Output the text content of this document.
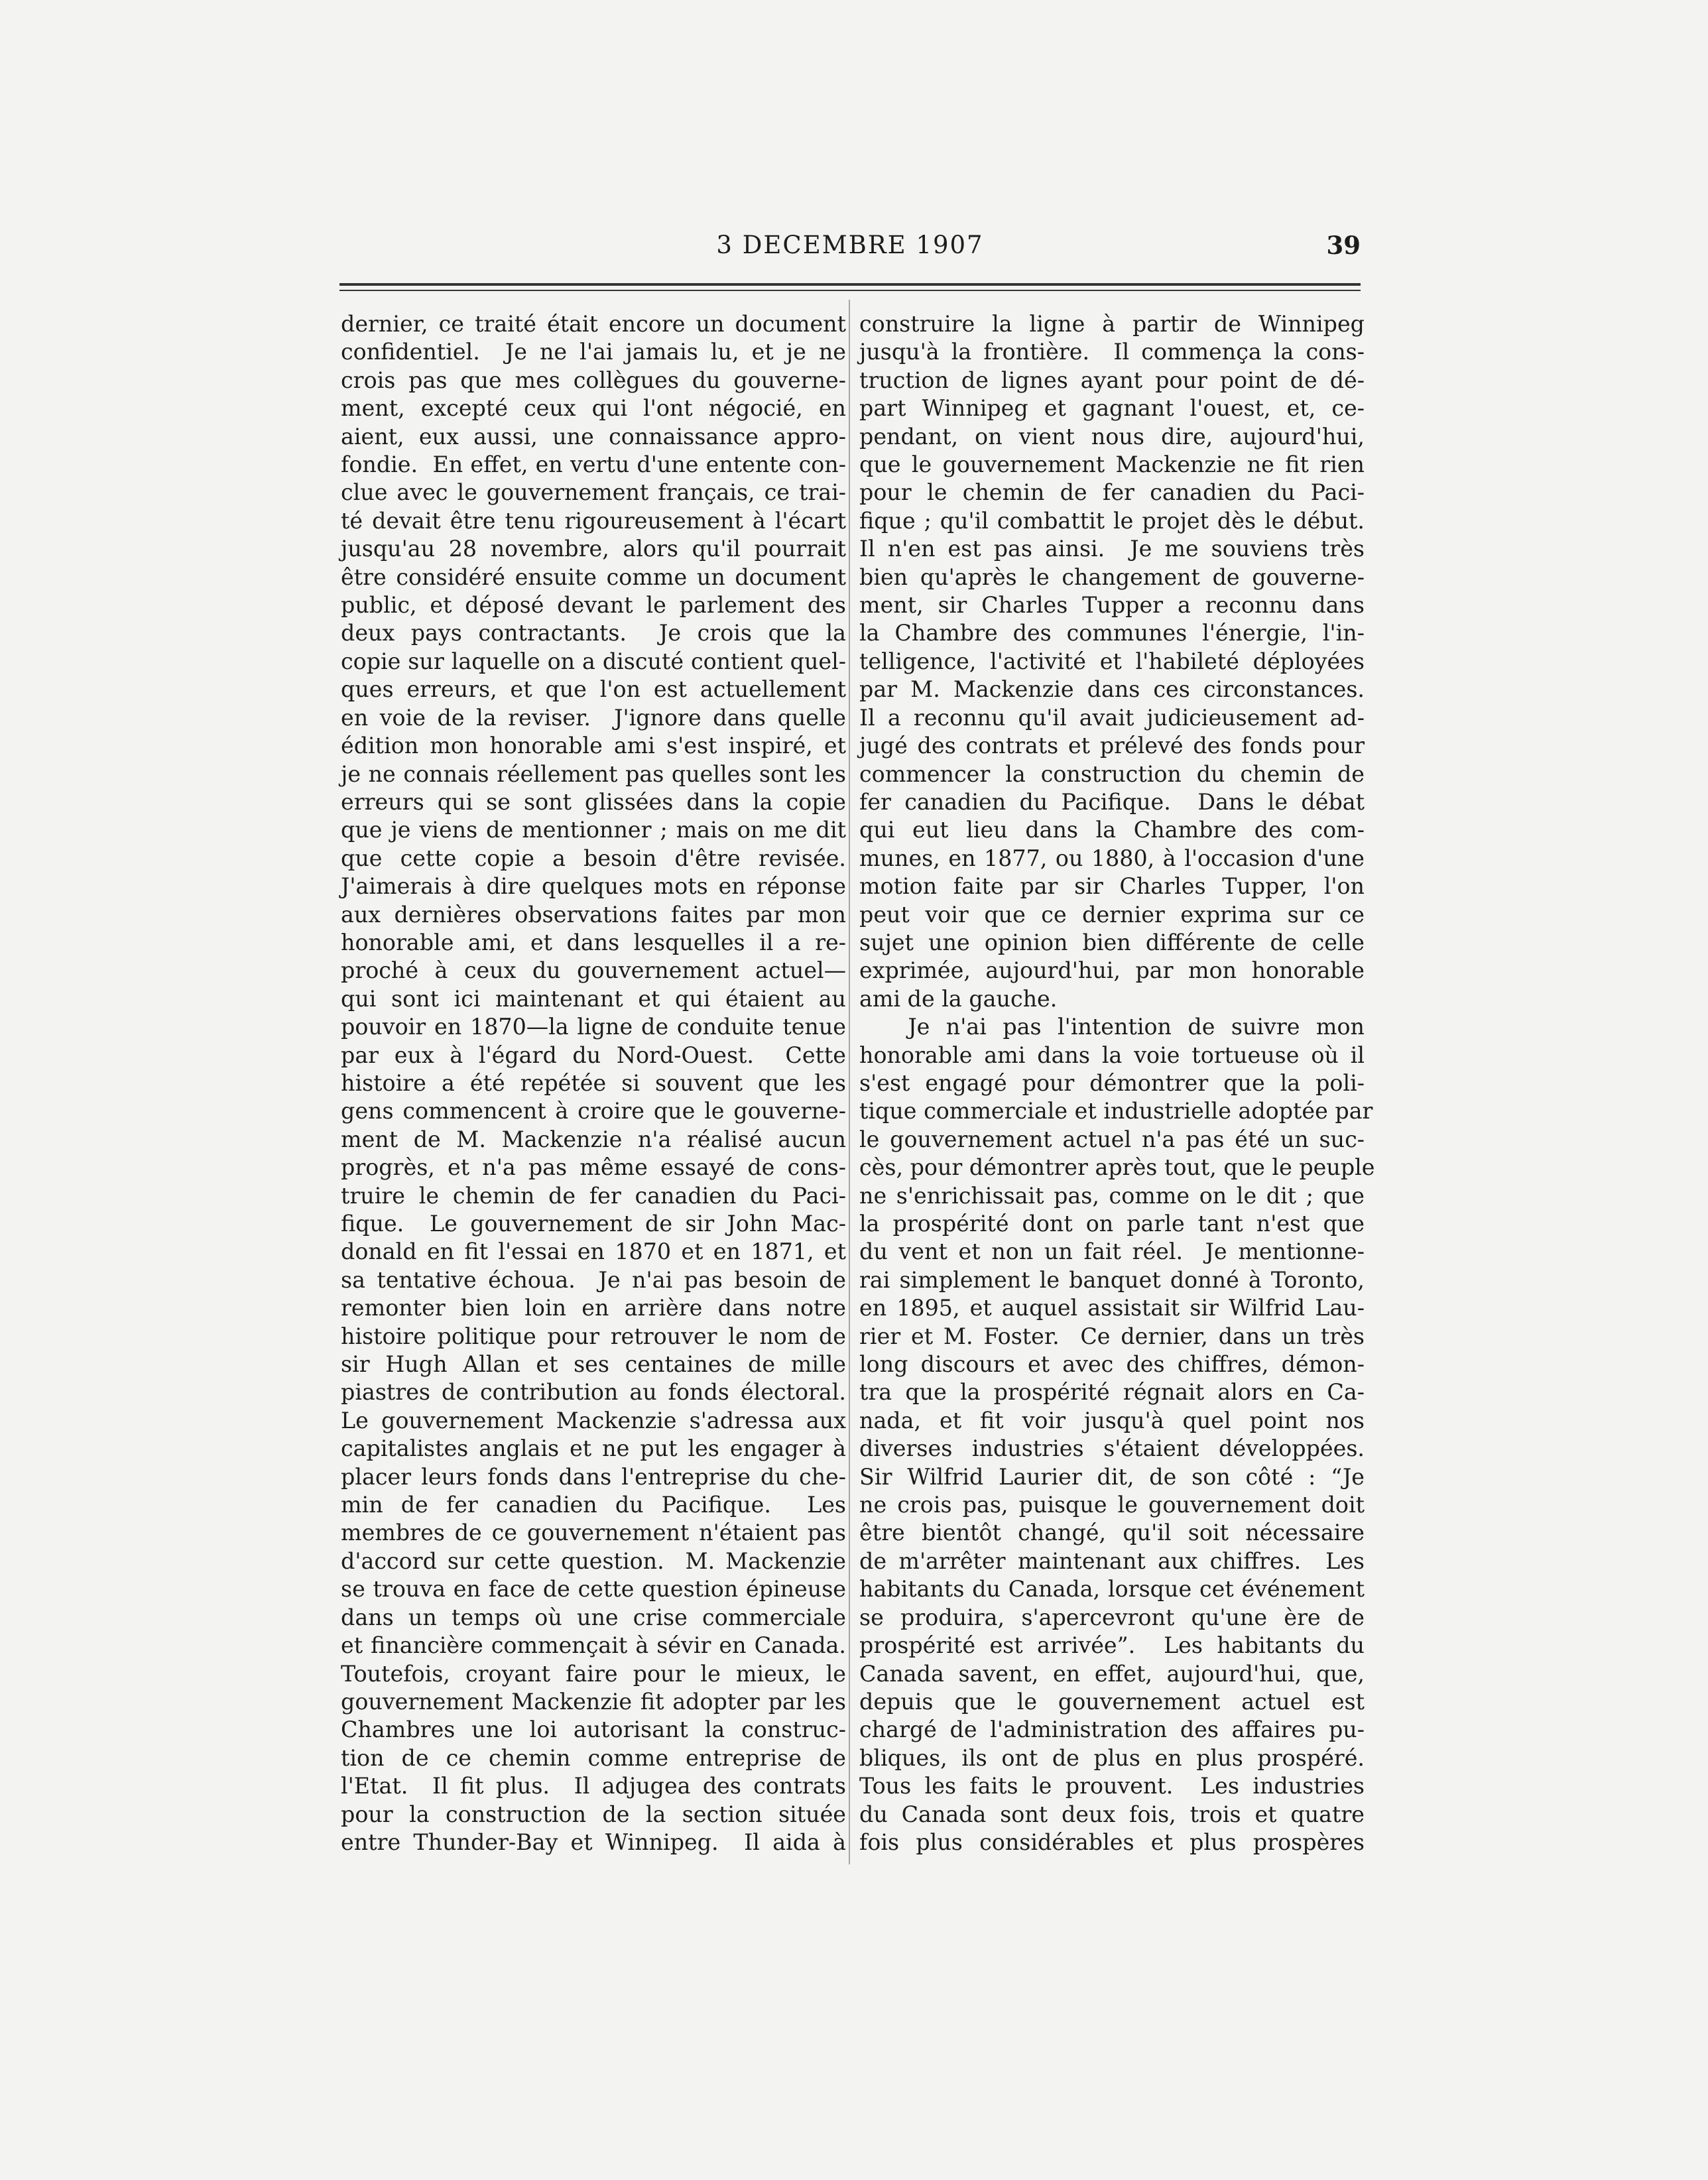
3 DECEMBRE 1907	39

dernier, ce traité était encore un document

confidentiel.  Je ne l'ai jamais lu, et je ne

crois pas que mes collègues du gouverne-

ment, excepté ceux qui l'ont négocié, en

aient, eux aussi, une connaissance appro-

fondie.  En effet, en vertu d'une entente con-

clue avec le gouvernement français, ce trai-

té devait être tenu rigoureusement à l'écart

jusqu'au 28 novembre, alors qu'il pourrait

être considéré ensuite comme un document

public, et déposé devant le parlement des

deux pays contractants.  Je crois que la

copie sur laquelle on a discuté contient quel-

ques erreurs, et que l'on est actuellement

en voie de la reviser.  J'ignore dans quelle

édition mon honorable ami s'est inspiré, et

je ne connais réellement pas quelles sont les

erreurs qui se sont glissées dans la copie

que je viens de mentionner ; mais on me dit

que cette copie a besoin d'être revisée.

J'aimerais à dire quelques mots en réponse

aux dernières observations faites par mon

honorable ami, et dans lesquelles il a re-

proché à ceux du gouvernement actuel—

qui sont ici maintenant et qui étaient au

pouvoir en 1870—la ligne de conduite tenue

par eux à l'égard du Nord-Ouest.  Cette

histoire a été repétée si souvent que les

gens commencent à croire que le gouverne-

ment de M. Mackenzie n'a réalisé aucun

progrès, et n'a pas même essayé de cons-

truire le chemin de fer canadien du Paci-

fique.  Le gouvernement de sir John Mac-

donald en fit l'essai en 1870 et en 1871, et

sa tentative échoua.  Je n'ai pas besoin de

remonter bien loin en arrière dans notre

histoire politique pour retrouver le nom de

sir Hugh Allan et ses centaines de mille

piastres de contribution au fonds électoral.

Le gouvernement Mackenzie s'adressa aux

capitalistes anglais et ne put les engager à

placer leurs fonds dans l'entreprise du che-

min de fer canadien du Pacifique.  Les

membres de ce gouvernement n'étaient pas

d'accord sur cette question.  M. Mackenzie

se trouva en face de cette question épineuse

dans un temps où une crise commerciale

et financière commençait à sévir en Canada.

Toutefois, croyant faire pour le mieux, le

gouvernement Mackenzie fit adopter par les

Chambres une loi autorisant la construc-

tion de ce chemin comme entreprise de

l'Etat.  Il fit plus.  Il adjugea des contrats

pour la construction de la section située

entre Thunder-Bay et Winnipeg.  Il aida à

construire la ligne à partir de Winnipeg

jusqu'à la frontière.  Il commença la cons-

truction de lignes ayant pour point de dé-

part Winnipeg et gagnant l'ouest, et, ce-

pendant, on vient nous dire, aujourd'hui,

que le gouvernement Mackenzie ne fit rien

pour le chemin de fer canadien du Paci-

fique ; qu'il combattit le projet dès le début.

Il n'en est pas ainsi.  Je me souviens très

bien qu'après le changement de gouverne-

ment, sir Charles Tupper a reconnu dans

la Chambre des communes l'énergie, l'in-

telligence, l'activité et l'habileté déployées

par M. Mackenzie dans ces circonstances.

Il a reconnu qu'il avait judicieusement ad-

jugé des contrats et prélevé des fonds pour

commencer la construction du chemin de

fer canadien du Pacifique.  Dans le débat

qui eut lieu dans la Chambre des com-

munes, en 1877, ou 1880, à l'occasion d'une

motion faite par sir Charles Tupper, l'on

peut voir que ce dernier exprima sur ce

sujet une opinion bien différente de celle

exprimée, aujourd'hui, par mon honorable

ami de la gauche.

Je n'ai pas l'intention de suivre mon

honorable ami dans la voie tortueuse où il

s'est engagé pour démontrer que la poli-

tique commerciale et industrielle adoptée par

le gouvernement actuel n'a pas été un suc-

cès, pour démontrer après tout, que le peuple

ne s'enrichissait pas, comme on le dit ; que

la prospérité dont on parle tant n'est que

du vent et non un fait réel.  Je mentionne-

rai simplement le banquet donné à Toronto,

en 1895, et auquel assistait sir Wilfrid Lau-

rier et M. Foster.  Ce dernier, dans un très

long discours et avec des chiffres, démon-

tra que la prospérité régnait alors en Ca-

nada, et fit voir jusqu'à quel point nos

diverses industries s'étaient développées.

Sir Wilfrid Laurier dit, de son côté : “Je

ne crois pas, puisque le gouvernement doit

être bientôt changé, qu'il soit nécessaire

de m'arrêter maintenant aux chiffres.  Les

habitants du Canada, lorsque cet événement

se produira, s'apercevront qu'une ère de

prospérité est arrivée”.  Les habitants du

Canada savent, en effet, aujourd'hui, que,

depuis que le gouvernement actuel est

chargé de l'administration des affaires pu-

bliques, ils ont de plus en plus prospéré.

Tous les faits le prouvent.  Les industries

du Canada sont deux fois, trois et quatre

fois plus considérables et plus prospères
